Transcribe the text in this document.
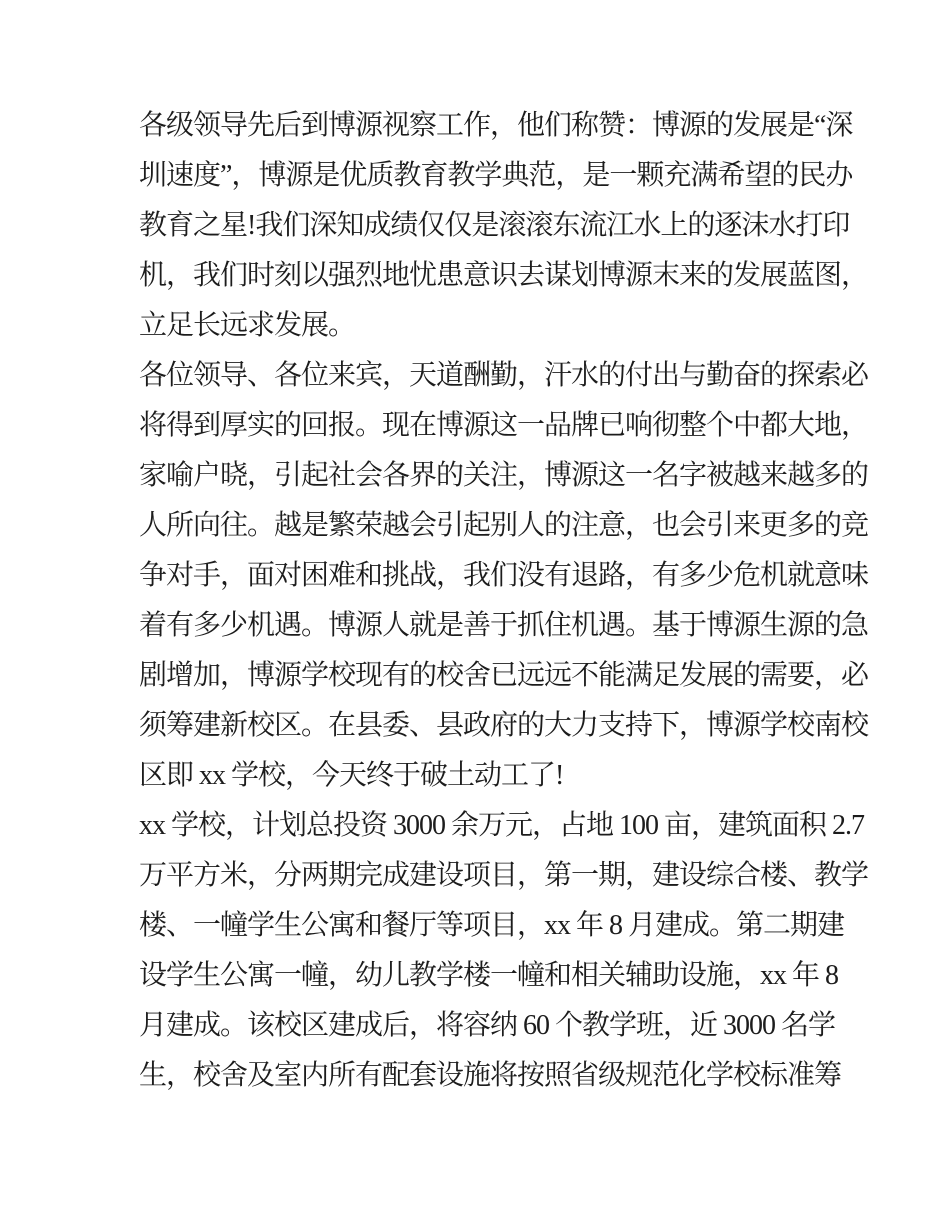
各级领导先后到博源视察工作，他们称赞：博源的发展是“深
圳速度”，博源是优质教育教学典范，是一颗充满希望的民办
教育之星!我们深知成绩仅仅是滚滚东流江水上的逐沫水打印
机，我们时刻以强烈地忧患意识去谋划博源末来的发展蓝图，
立足长远求发展。
各位领导、各位来宾，天道酬勤，汗水的付出与勤奋的探索必
将得到厚实的回报。现在博源这一品牌已响彻整个中都大地，
家喻户晓，引起社会各界的关注，博源这一名字被越来越多的
人所向往。越是繁荣越会引起别人的注意，也会引来更多的竞
争对手，面对困难和挑战，我们没有退路，有多少危机就意味
着有多少机遇。博源人就是善于抓住机遇。基于博源生源的急
剧增加，博源学校现有的校舍已远远不能满足发展的需要，必
须筹建新校区。在县委、县政府的大力支持下，博源学校南校
区即 xx 学校，今天终于破土动工了!
xx 学校，计划总投资 3000 余万元，占地 100 亩，建筑面积 2.7
万平方米，分两期完成建设项目，第一期，建设综合楼、教学
楼、一幢学生公寓和餐厅等项目，xx 年 8 月建成。第二期建
设学生公寓一幢，幼儿教学楼一幢和相关辅助设施，xx 年 8
月建成。该校区建成后，将容纳 60 个教学班，近 3000 名学
生，校舍及室内所有配套设施将按照省级规范化学校标准筹
